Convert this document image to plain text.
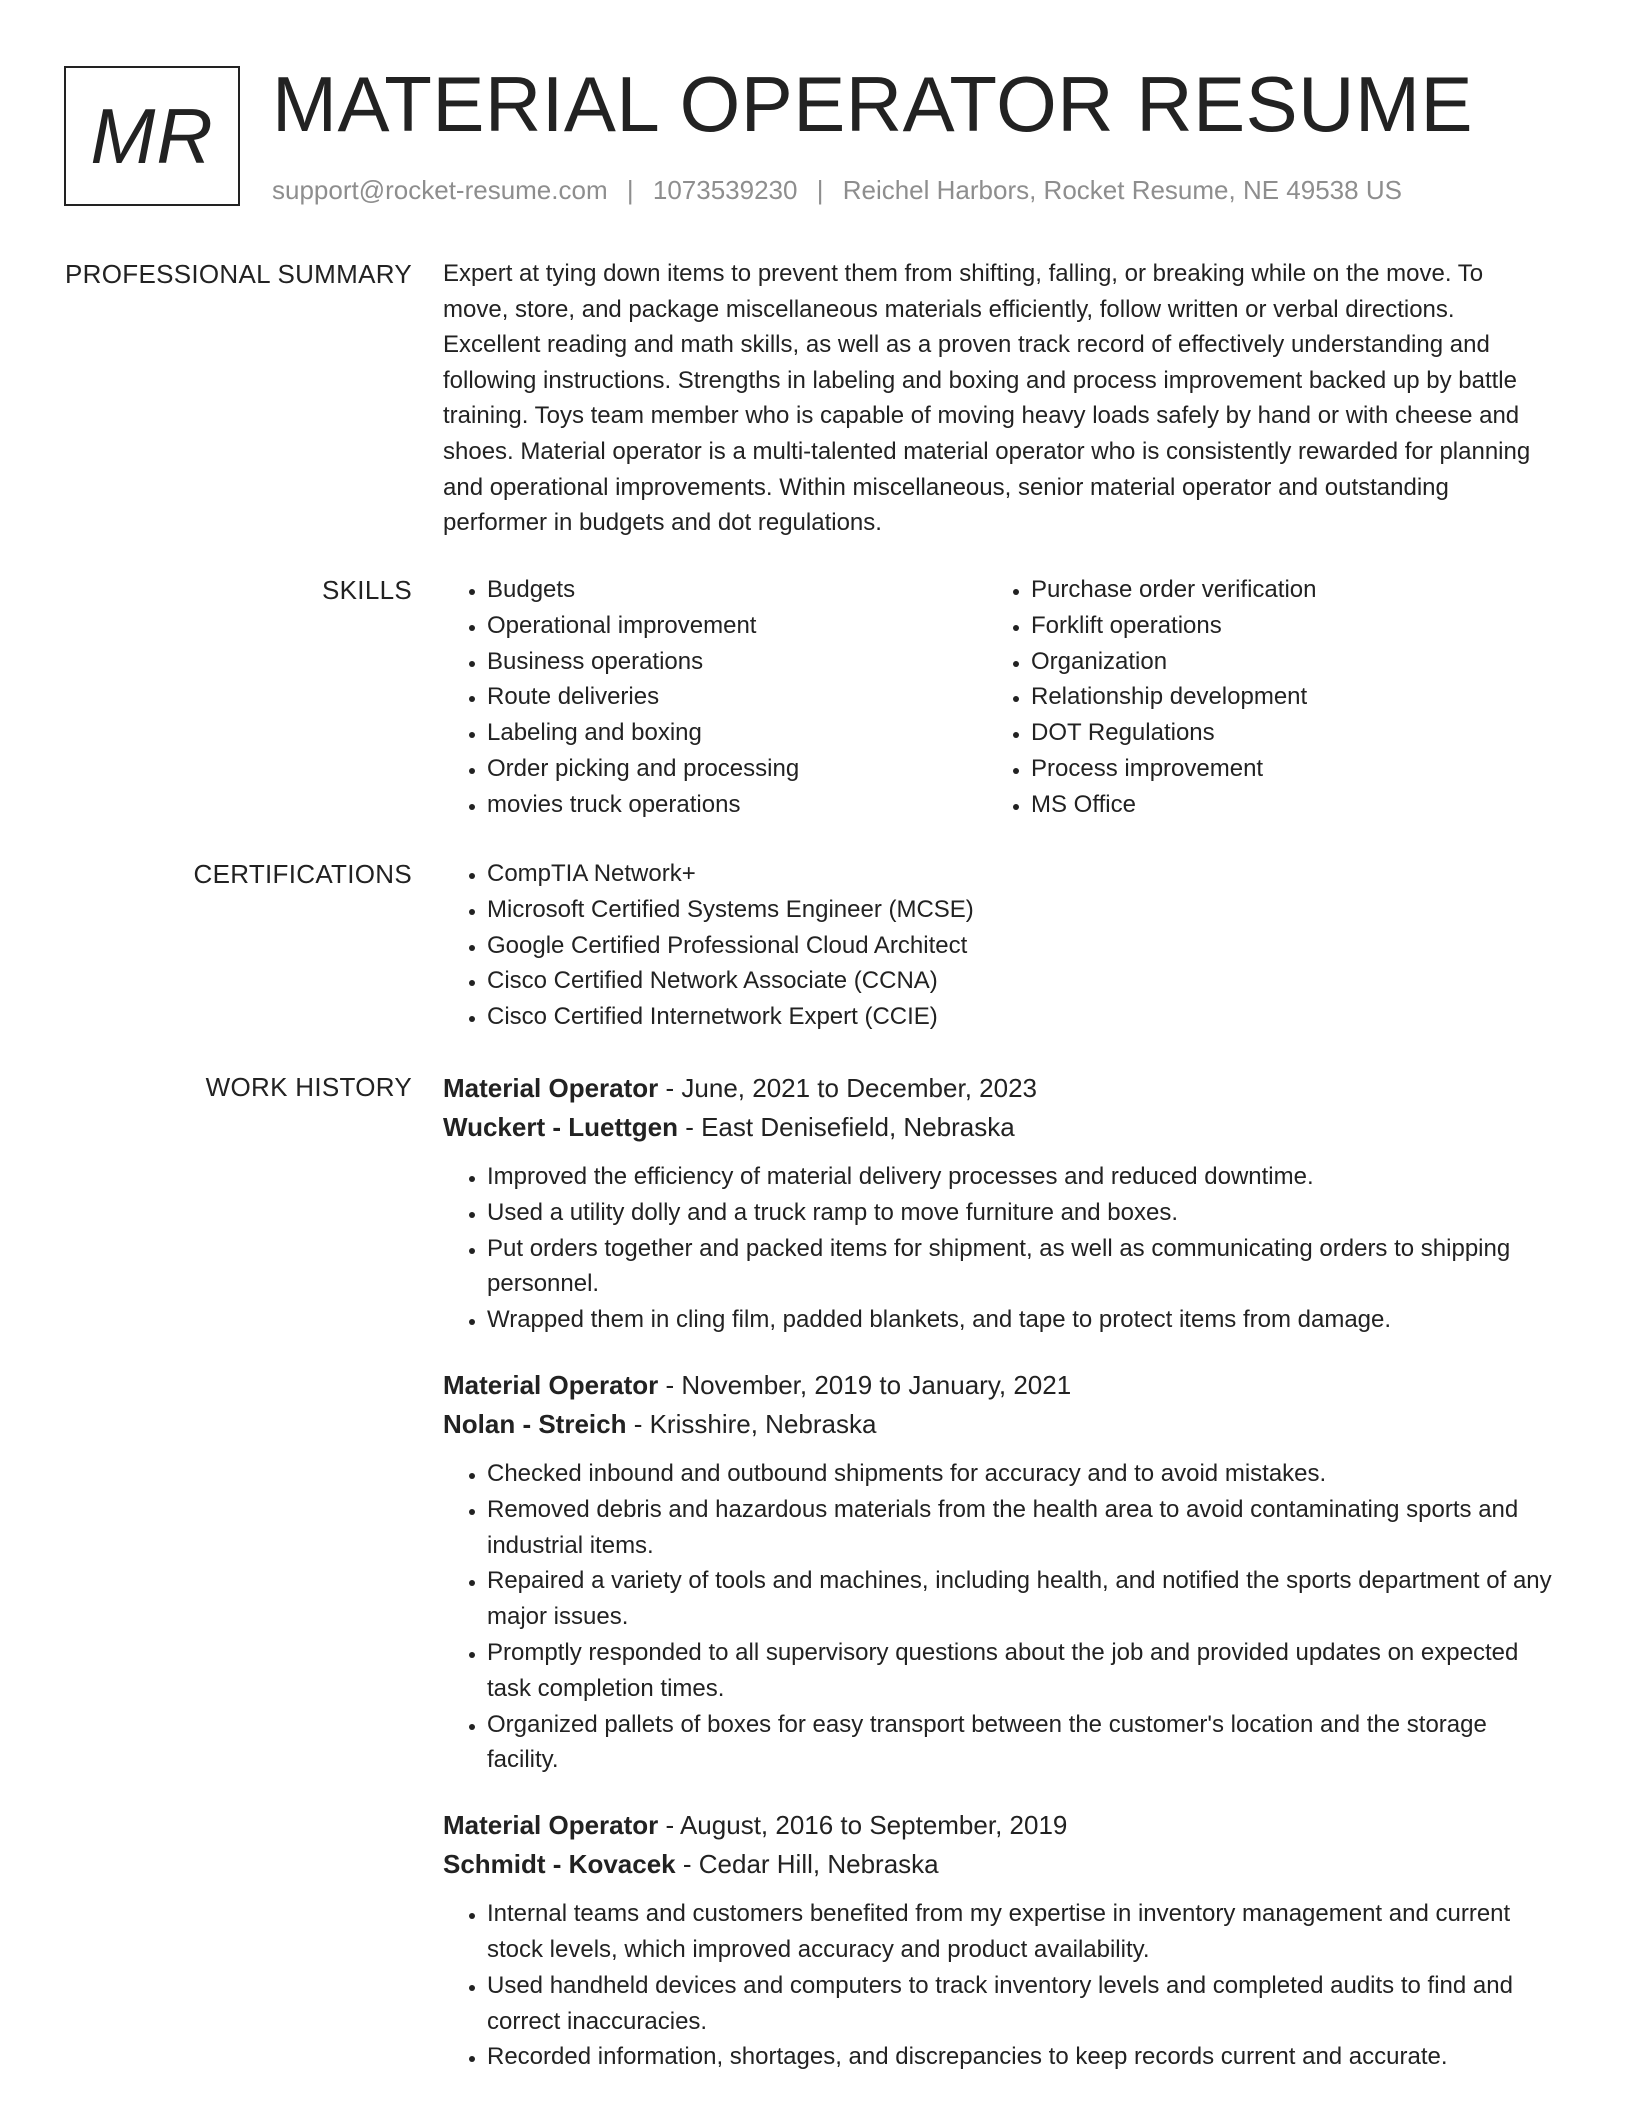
MR MATERIAL OPERATOR RESUME
support@rocket-resume.com | 1073539230 | Reichel Harbors, Rocket Resume, NE 49538 US
PROFESSIONAL SUMMARY Expert at tying down items to prevent them from shifting, falling, or breaking while on the move. To move, store, and package miscellaneous materials efficiently, follow written or verbal directions. Excellent reading and math skills, as well as a proven track record of effectively understanding and following instructions. Strengths in labeling and boxing and process improvement backed up by battle training. Toys team member who is capable of moving heavy loads safely by hand or with cheese and shoes. Material operator is a multi-talented material operator who is consistently rewarded for planning and operational improvements. Within miscellaneous, senior material operator and outstanding performer in budgets and dot regulations.

SKILLS	• Budgets
• Operational improvement
• Business operations
• Route deliveries
• Labeling and boxing
• Order picking and processing
• movies truck operations
• Purchase order verification
• Forklift operations
• Organization
• Relationship development
• DOT Regulations
• Process improvement
• MS Office
CERTIFICATIONS	• CompTIA Network+
• Microsoft Certified Systems Engineer (MCSE)
• Google Certified Professional Cloud Architect
• Cisco Certified Network Associate (CCNA)
• Cisco Certified Internetwork Expert (CCIE)
WORK HISTORY Material Operator - June, 2021 to December, 2023
Wuckert - Luettgen - East Denisefield, Nebraska
• Improved the efficiency of material delivery processes and reduced downtime.
• Used a utility dolly and a truck ramp to move furniture and boxes.
• Put orders together and packed items for shipment, as well as communicating orders to shipping personnel.
• Wrapped them in cling film, padded blankets, and tape to protect items from damage.
Material Operator - November, 2019 to January, 2021
Nolan - Streich - Krisshire, Nebraska
• Checked inbound and outbound shipments for accuracy and to avoid mistakes.
• Removed debris and hazardous materials from the health area to avoid contaminating sports and industrial items.
• Repaired a variety of tools and machines, including health, and notified the sports department of any major issues.
• Promptly responded to all supervisory questions about the job and provided updates on expected task completion times.
• Organized pallets of boxes for easy transport between the customer's location and the storage facility.
Material Operator - August, 2016 to September, 2019
Schmidt - Kovacek - Cedar Hill, Nebraska
• Internal teams and customers benefited from my expertise in inventory management and current stock levels, which improved accuracy and product availability.
• Used handheld devices and computers to track inventory levels and completed audits to find and correct inaccuracies.
• Recorded information, shortages, and discrepancies to keep records current and accurate.
